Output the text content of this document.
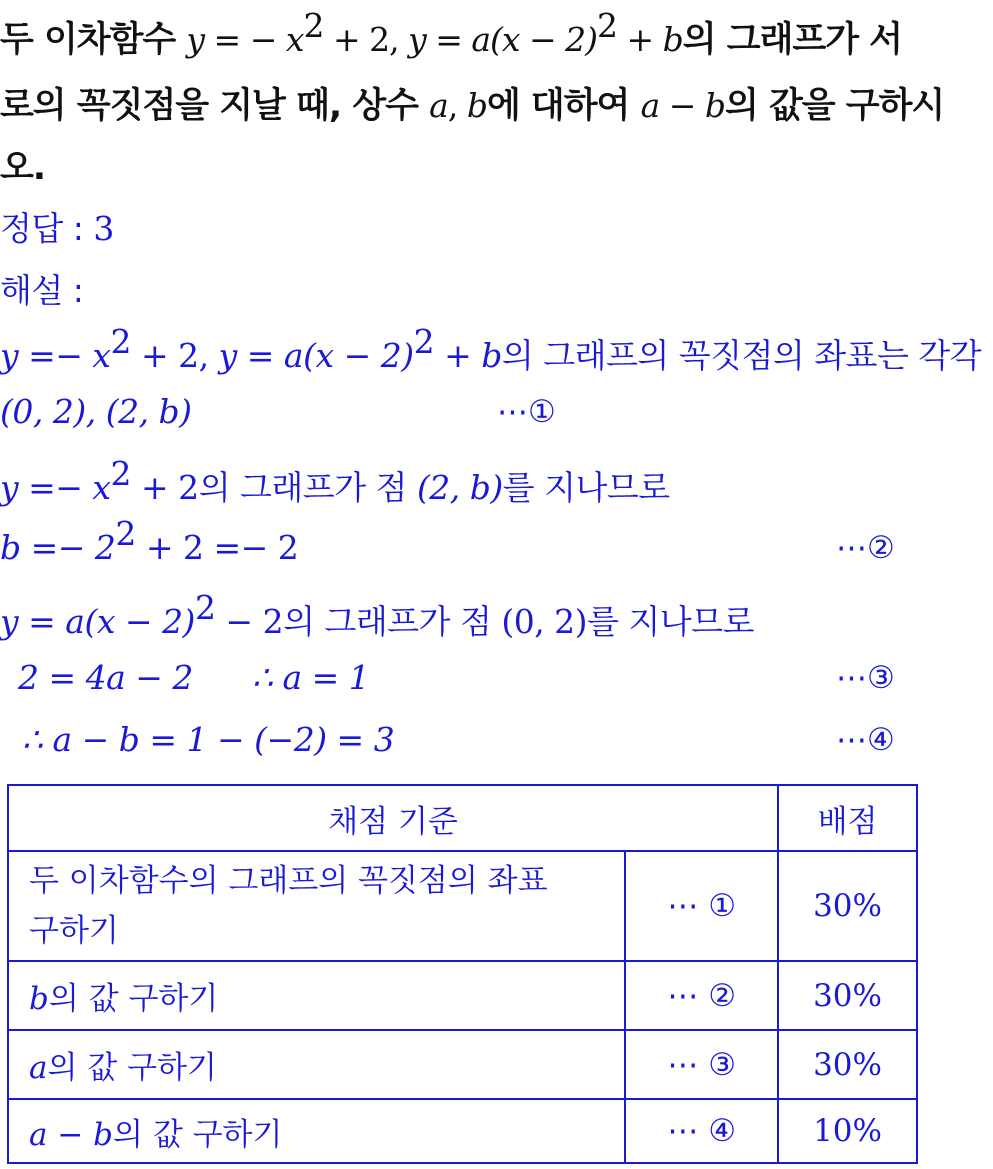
두 이차함수 y = − $x^2 + 2$, $y = a(x - 2)^2 + b$의 그래프가 서
로의 꼭짓점을 지날 때, 상수 a, b에 대하여 a − b의 값을 구하시
오.
정답 : 3
해설 :
$y =- x^2 + 2$, $y = a(x - 2)^2 + b$의 그래프의 꼭짓점의 좌표는 각각
(0, 2), (2, b)	⋯①
$y =- x^2 + 2$의 그래프가 점 (2, b)를 지나므로
$b =- 2^2 + 2 =- 2$	⋯②
$y = a(x - 2)^2 - 2$의 그래프가 점 (0, 2)를 지나므로
2 = 4a − 2 ∴ a = 1	⋯③
∴ a − b = 1 − (−2) = 3	⋯④
채점 기준		배점

두 이차함수의 그래프의 꼭짓점의 좌표
구하기	⋯ ①	30%
b의 값 구하기	⋯ ②	30%
a의 값 구하기	⋯ ③	30%
a − b의 값 구하기	⋯ ④	10%
